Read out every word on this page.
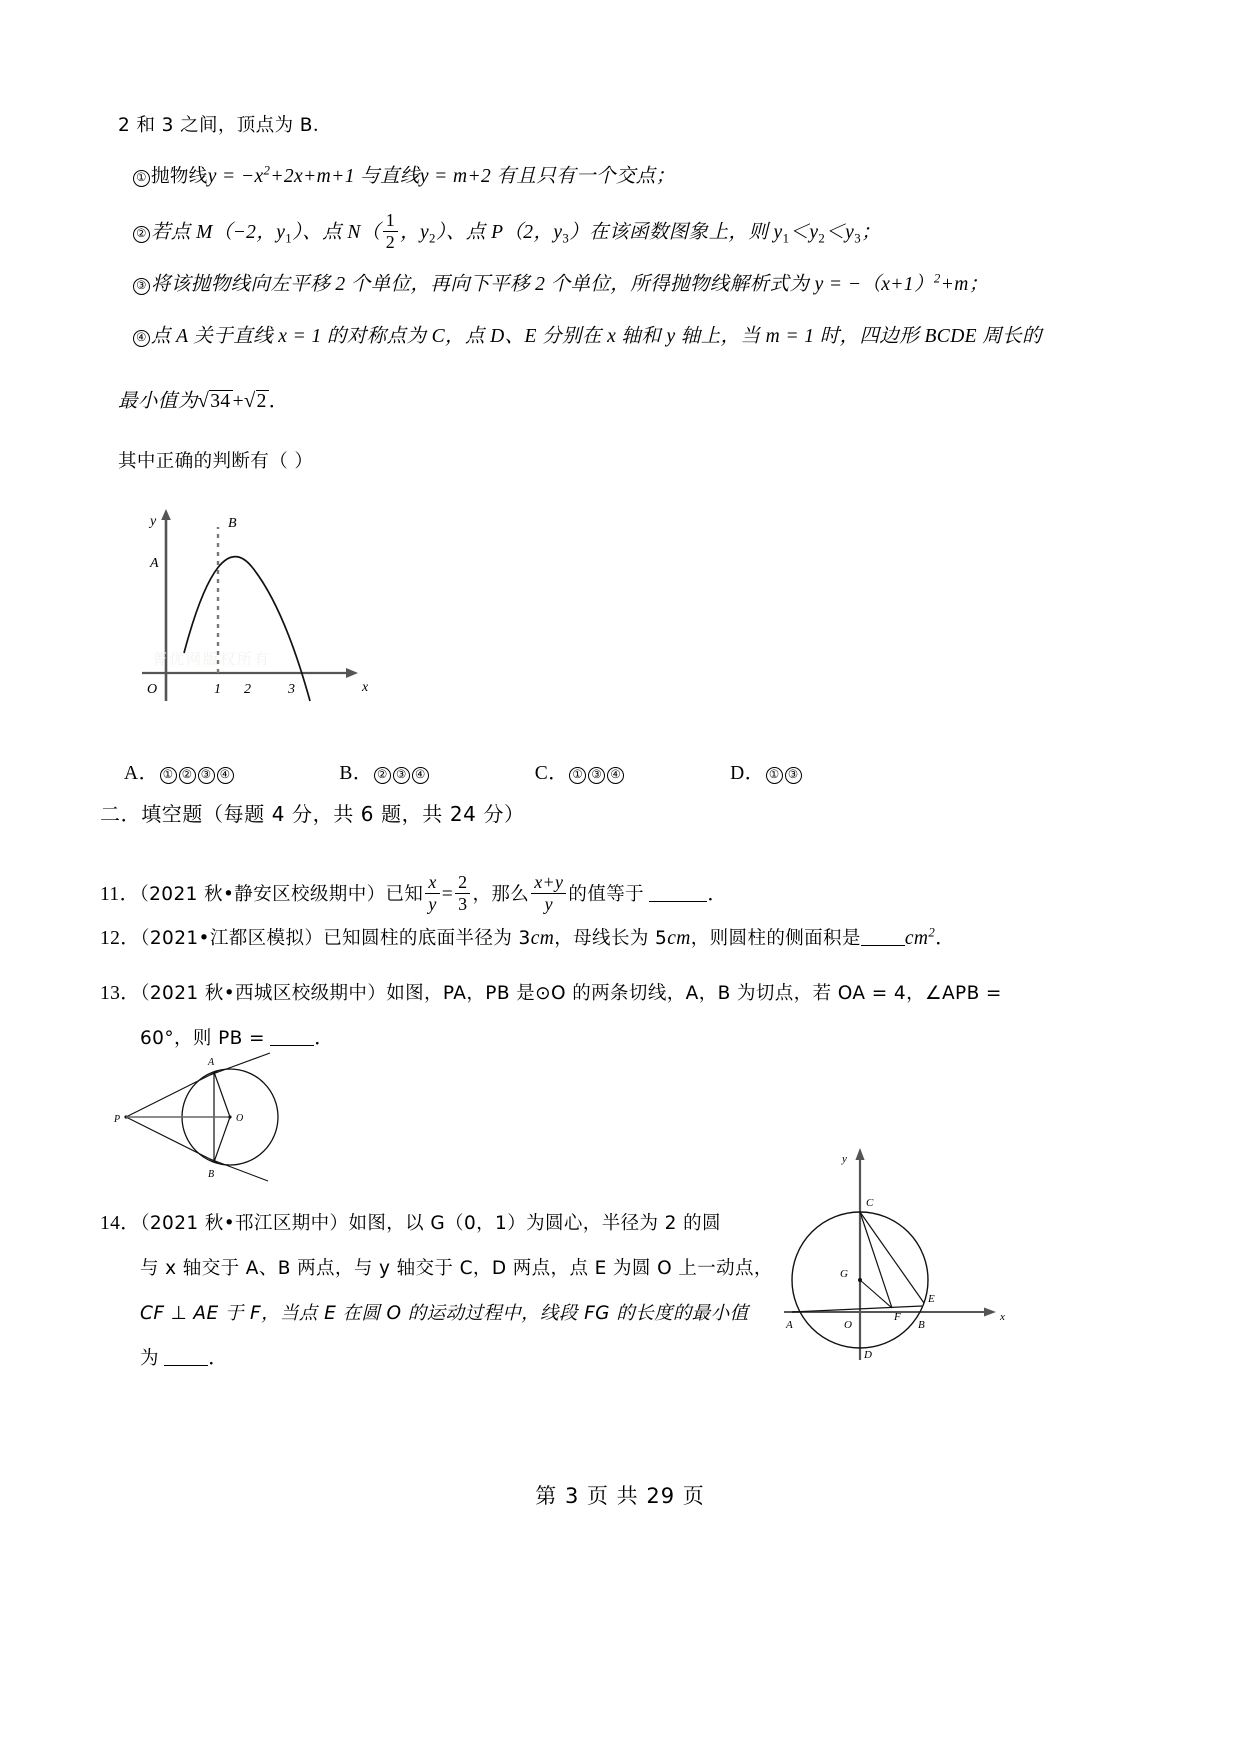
2 和 3 之间，顶点为 B．
① 抛物线$y = -x^2+2x+m+1$ 与直线y = m+2 有且只有一个交点；
② 若点 M（−2，$y_1$）、点 $N( \frac{1}{2}$ ，$y_2$）、点 P（2，$y_3$）在该函数图象上，则 $y_1<y_2<y_3$；
③ 将该抛物线向左平移 2 个单位，再向下平移 2 个单位，所得抛物线解析式为 $y = -(x+1)^2+m$；
④ 点 A 关于直线 x = 1 的对称点为 C，点 D、E 分别在 x 轴和 y 轴上，当 m = 1 时，四边形 BCDE 周长的
最小值为√34 +√2 ．
其中正确的判断有（ ）
y
x
O
A
B
1 2	3
菁优网版权所有
A． ① ② ③ ④	B． ② ③ ④	C． ① ③ ④	D． ① ③
二．填空题（每题 4 分，共 6 题，共 24 分）
11．（2021 秋•静安区校级期中）已知 $\frac{x}{y} = \frac{2}{3}$ ，那么 $\frac{x+y}{y}$ 的值等于	．
12．（2021•江都区模拟）已知圆柱的底面半径为 3cm，母线长为 5cm，则圆柱的侧面积是 $cm^2$．
13．（2021 秋•西城区校级期中）如图，PA，PB 是⊙O 的两条切线，A，B 为切点，若 OA = 4，∠APB =
60°，则 PB =	．
P
A
B
O
14．（2021 秋•邗江区期中）如图，以 G（0，1）为圆心，半径为 2 的圆
与 x 轴交于 A、B 两点，与 y 轴交于 C，D 两点，点 E 为圆 O 上一动点，
CF ⊥ AE 于 F，当点 E 在圆 O 的运动过程中，线段 FG 的长度的最小值
为	．
y
x
C
D
E
F
G
A	B
O
第 3 页 共 29 页
